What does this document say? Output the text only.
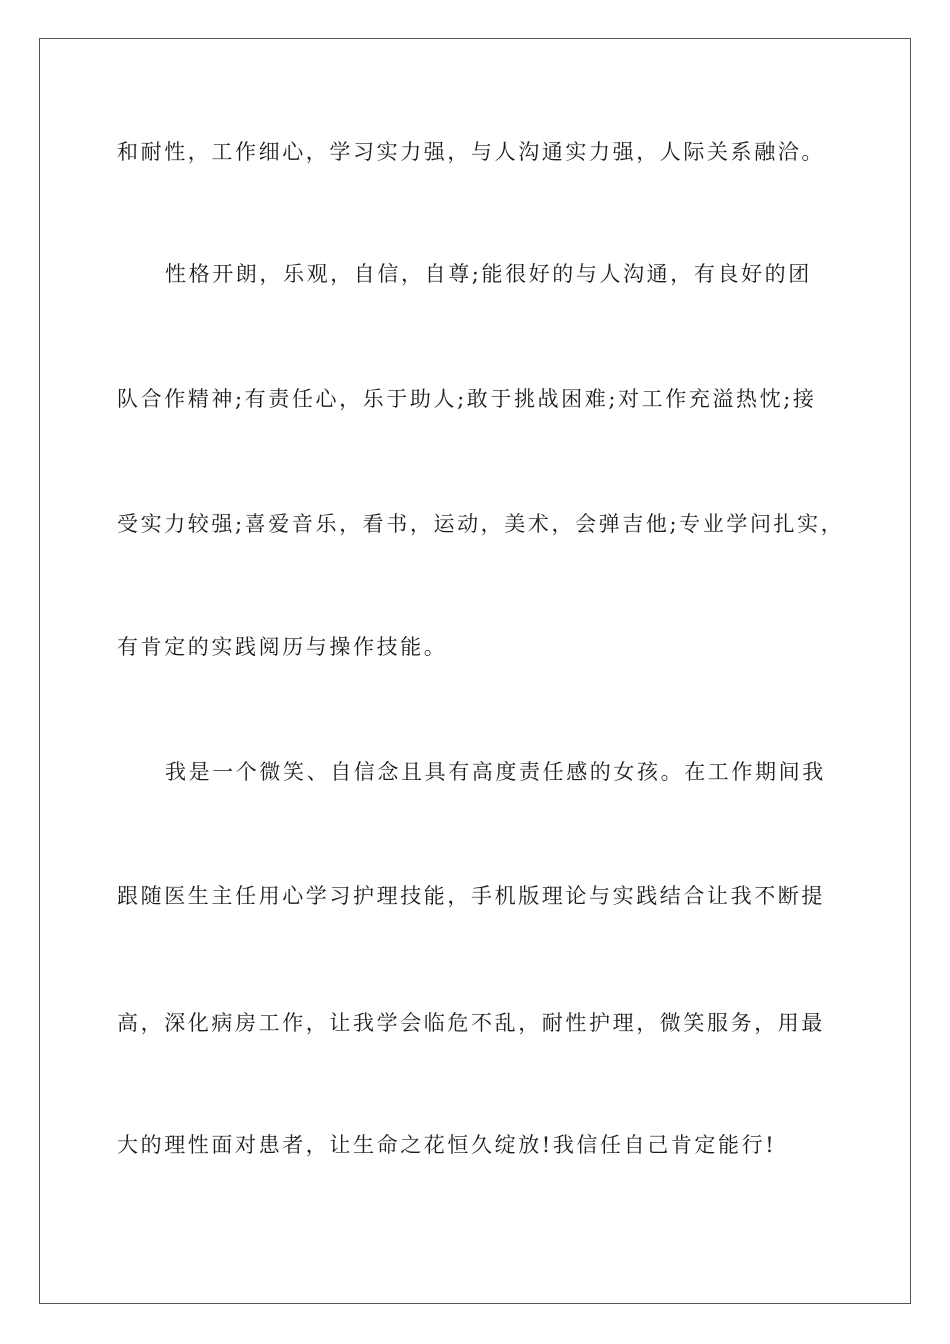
和耐性，工作细心，学习实力强，与人沟通实力强，人际关系融洽。
性格开朗，乐观，自信，自尊;能很好的与人沟通，有良好的团
队合作精神;有责任心，乐于助人;敢于挑战困难;对工作充溢热忱;接
受实力较强;喜爱音乐，看书，运动，美术，会弹吉他;专业学问扎实，
有肯定的实践阅历与操作技能。
我是一个微笑、自信念且具有高度责任感的女孩。在工作期间我
跟随医生主任用心学习护理技能，手机版理论与实践结合让我不断提
高，深化病房工作，让我学会临危不乱，耐性护理，微笑服务，用最
大的理性面对患者，让生命之花恒久绽放!我信任自己肯定能行!
